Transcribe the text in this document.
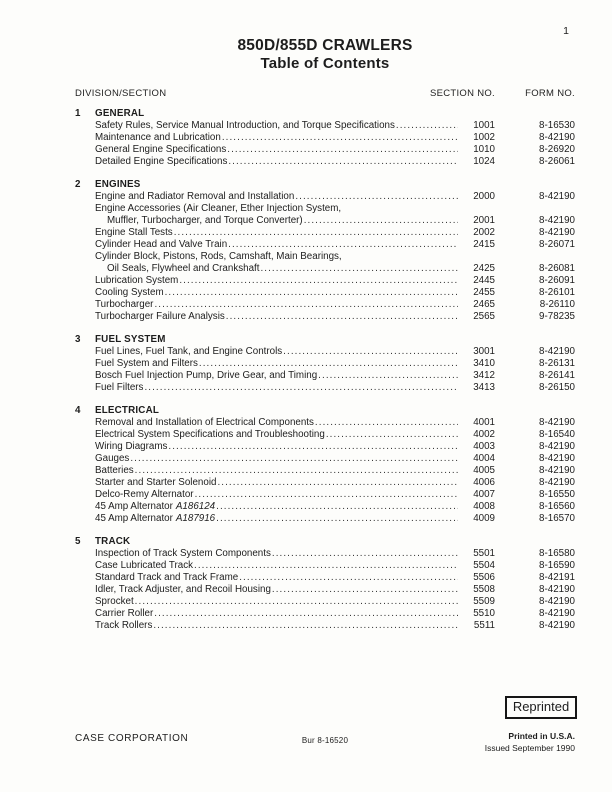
1
850D/855D CRAWLERS
Table of Contents
DIVISION/SECTION	SECTION NO.	FORM NO.
1	GENERAL
Safety Rules, Service Manual Introduction, and Torque Specifications .....	1001	8-16530
Maintenance and Lubrication .....	1002	8-42190
General Engine Specifications .....	1010	8-26920
Detailed Engine Specifications .....	1024	8-26061
2	ENGINES
Engine and Radiator Removal and Installation .....	2000	8-42190
Engine Accessories (Air Cleaner, Ether Injection System,
Muffler, Turbocharger, and Torque Converter) .....	2001	8-42190
Engine Stall Tests .....	2002	8-42190
Cylinder Head and Valve Train .....	2415	8-26071
Cylinder Block, Pistons, Rods, Camshaft, Main Bearings,
Oil Seals, Flywheel and Crankshaft .....	2425	8-26081
Lubrication System .....	2445	8-26091
Cooling System .....	2455	8-26101
Turbocharger .....	2465	8-26110
Turbocharger Failure Analysis .....	2565	9-78235
3	FUEL SYSTEM
Fuel Lines, Fuel Tank, and Engine Controls .....	3001	8-42190
Fuel System and Filters .....	3410	8-26131
Bosch Fuel Injection Pump, Drive Gear, and Timing .....	3412	8-26141
Fuel Filters .....	3413	8-26150
4	ELECTRICAL
Removal and Installation of Electrical Components .....	4001	8-42190
Electrical System Specifications and Troubleshooting .....	4002	8-16540
Wiring Diagrams .....	4003	8-42190
Gauges .....	4004	8-42190
Batteries .....	4005	8-42190
Starter and Starter Solenoid .....	4006	8-42190
Delco-Remy Alternator .....	4007	8-16550
45 Amp Alternator A186124 .....	4008	8-16560
45 Amp Alternator A187916 .....	4009	8-16570
5	TRACK
Inspection of Track System Components .....	5501	8-16580
Case Lubricated Track .....	5504	8-16590
Standard Track and Track Frame .....	5506	8-42191
Idler, Track Adjuster, and Recoil Housing .....	5508	8-42190
Sprocket .....	5509	8-42190
Carrier Roller .....	5510	8-42190
Track Rollers .....	5511	8-42190
Reprinted
CASE CORPORATION	Bur 8-16520	Printed in U.S.A.
Issued September 1990
